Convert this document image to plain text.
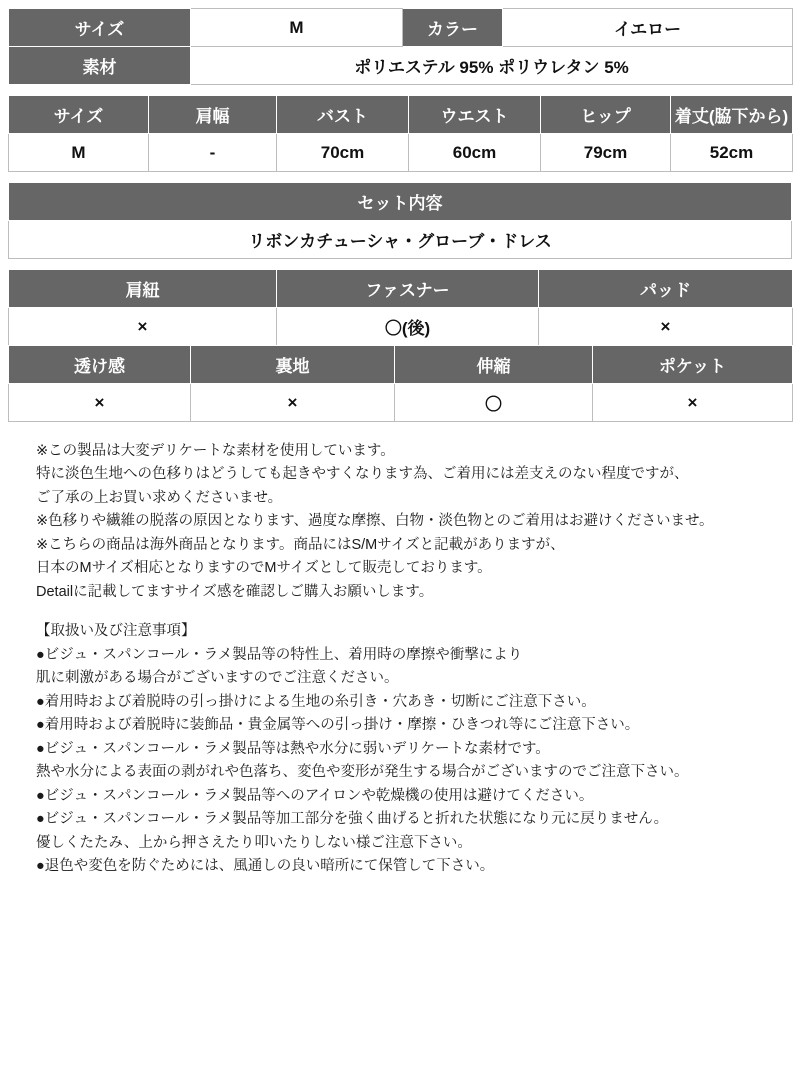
サイズ	M	カラー	イエロー
素材	ポリエステル 95% ポリウレタン 5%		
サイズ	肩幅	バスト	ウエスト	ヒップ	着丈(脇下から)
M	-	70cm	60cm	79cm	52cm
セット内容
リボンカチューシャ・グローブ・ドレス
肩紐	ファスナー	パッド
×	〇(後)	×
透け感	裏地	伸縮	ポケット
×	×	〇	×

※この製品は大変デリケートな素材を使用しています。

特に淡色生地への色移りはどうしても起きやすくなります為、ご着用には差支えのない程度ですが、

ご了承の上お買い求めくださいませ。

※色移りや繊維の脱落の原因となります、過度な摩擦、白物・淡色物とのご着用はお避けくださいませ。

※こちらの商品は海外商品となります。商品にはS/Mサイズと記載がありますが、

日本のMサイズ相応となりますのでMサイズとして販売しております。

Detailに記載してますサイズ感を確認しご購入お願いします。

【取扱い及び注意事項】

●ビジュ・スパンコール・ラメ製品等の特性上、着用時の摩擦や衝撃により

肌に刺激がある場合がございますのでご注意ください。

●着用時および着脱時の引っ掛けによる生地の糸引き・穴あき・切断にご注意下さい。

●着用時および着脱時に装飾品・貴金属等への引っ掛け・摩擦・ひきつれ等にご注意下さい。

●ビジュ・スパンコール・ラメ製品等は熱や水分に弱いデリケートな素材です。

熱や水分による表面の剥がれや色落ち、変色や変形が発生する場合がございますのでご注意下さい。

●ビジュ・スパンコール・ラメ製品等へのアイロンや乾燥機の使用は避けてください。

●ビジュ・スパンコール・ラメ製品等加工部分を強く曲げると折れた状態になり元に戻りません。

優しくたたみ、上から押さえたり叩いたりしない様ご注意下さい。

●退色や変色を防ぐためには、風通しの良い暗所にて保管して下さい。
